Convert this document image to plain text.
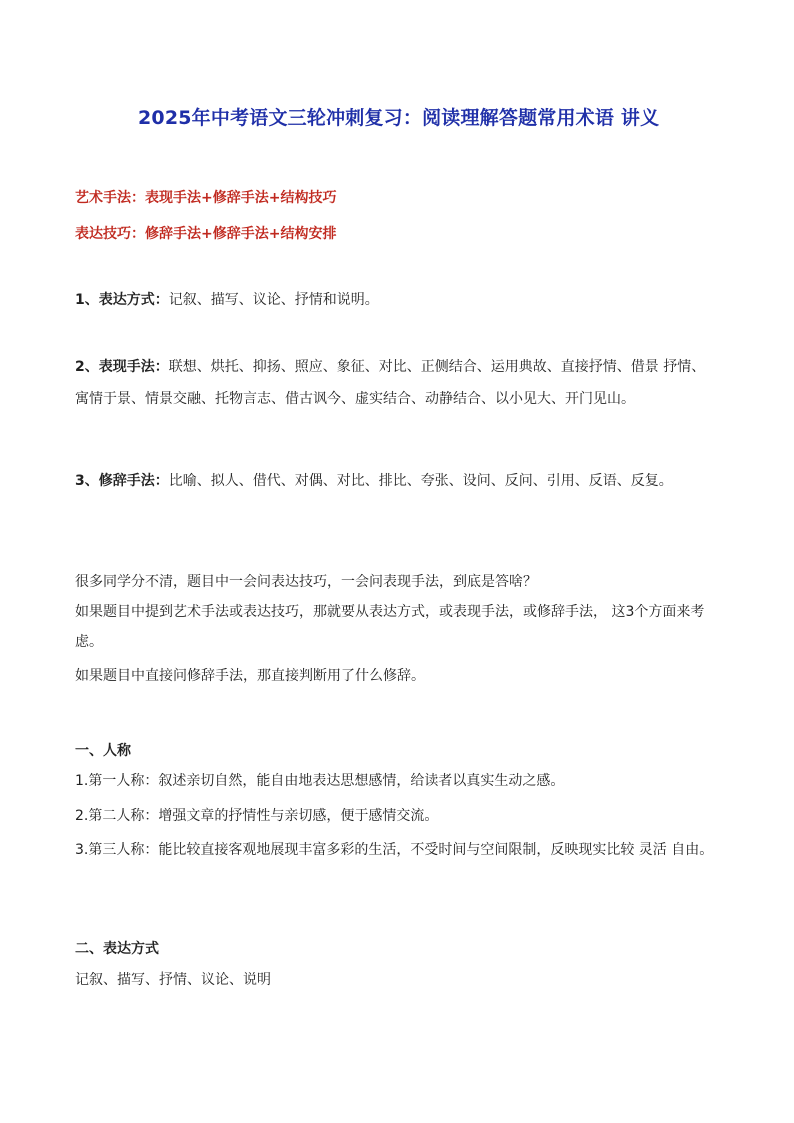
2025年中考语文三轮冲刺复习：阅读理解答题常用术语 讲义
艺术手法：表现手法+修辞手法+结构技巧
表达技巧：修辞手法+修辞手法+结构安排
1、表达方式：记叙、描写、议论、抒情和说明。
2、表现手法：联想、烘托、抑扬、照应、象征、对比、正侧结合、运用典故、直接抒情、借景 抒情、寓情于景、情景交融、托物言志、借古讽今、虚实结合、动静结合、以小见大、开门见山。
3、修辞手法：比喻、拟人、借代、对偶、对比、排比、夸张、设问、反问、引用、反语、反复。
很多同学分不清，题目中一会问表达技巧，一会问表现手法，到底是答啥？
如果题目中提到艺术手法或表达技巧，那就要从表达方式，或表现手法，或修辞手法， 这3个方面来考虑。
如果题目中直接问修辞手法，那直接判断用了什么修辞。
一、人称
1.第一人称：叙述亲切自然，能自由地表达思想感情，给读者以真实生动之感。
2.第二人称：增强文章的抒情性与亲切感，便于感情交流。
3.第三人称：能比较直接客观地展现丰富多彩的生活，不受时间与空间限制，反映现实比较 灵活 自由。
二、表达方式
记叙、描写、抒情、议论、说明
